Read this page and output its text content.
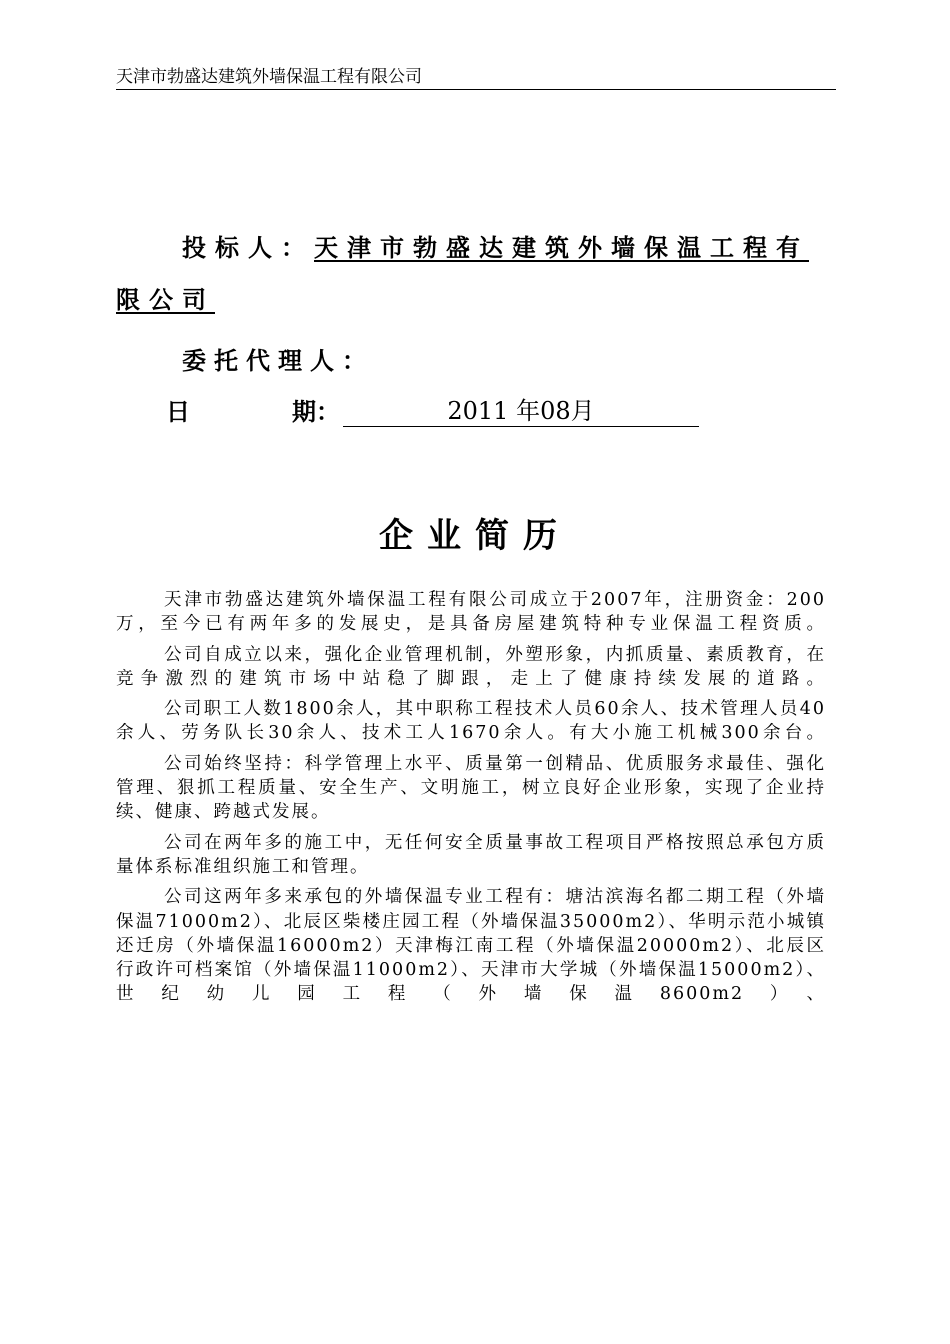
天津市勃盛达建筑外墙保温工程有限公司
投标人：天津市勃盛达建筑外墙保温工程有
限公司
委托代理人：
日	期：	2011 年08月
企业简历

天津市勃盛达建筑外墙保温工程有限公司成立于2007年，注册资金：200 万，至今已有两年多的发展史，是具备房屋建筑特种专业保温工程资质。

公司自成立以来，强化企业管理机制，外塑形象，内抓质量、素质教育，在竞争激烈的建筑市场中站稳了脚跟，走上了健康持续发展的道路。

公司职工人数1800余人，其中职称工程技术人员60余人、技术管理人员40余人、劳务队长30余人、技术工人1670余人。有大小施工机械300余台。

公司始终坚持：科学管理上水平、质量第一创精品、优质服务求最佳、强化管理、狠抓工程质量、安全生产、文明施工，树立良好企业形象，实现了企业持续、健康、跨越式发展。

公司在两年多的施工中，无任何安全质量事故工程项目严格按照总承包方质量体系标准组织施工和管理。

公司这两年多来承包的外墙保温专业工程有：塘沽滨海名都二期工程（外墙保温71000m2）、北辰区柴楼庄园工程（外墙保温35000m2）、华明示范小城镇还迁房（外墙保温16000m2）天津梅江南工程（外墙保温20000m2）、北辰区行政许可档案馆（外墙保温11000m2）、天津市大学城（外墙保温15000m2）、世纪幼儿园工程（外墙保温8600m2）、
